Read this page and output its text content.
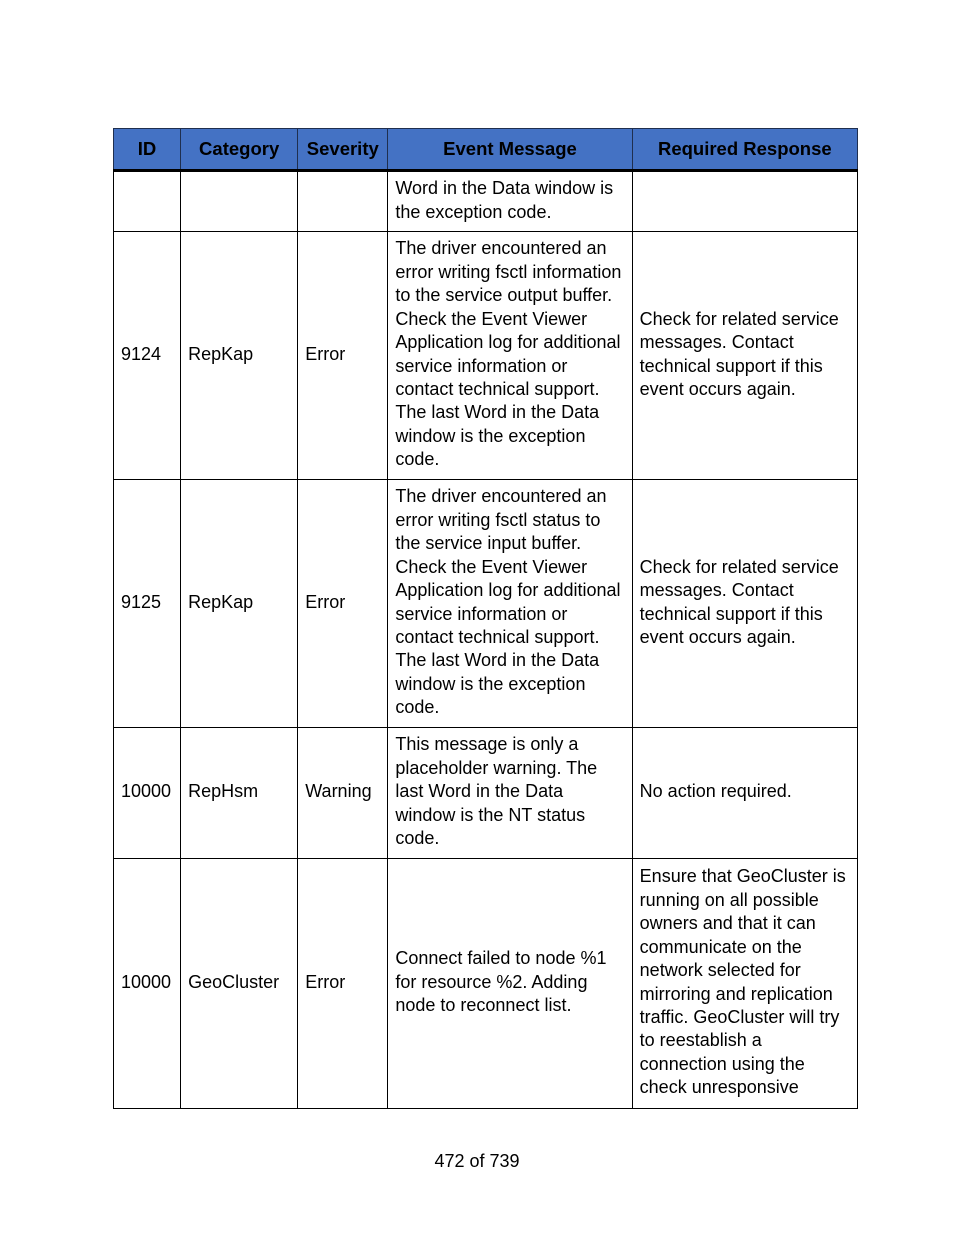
ID	Category	Severity	Event Message	Required Response
			Word in the Data window is the exception code.	
9124	RepKap	Error	The driver encountered an error writing fsctl information to the service output buffer. Check the Event Viewer Application log for additional service information or contact technical support. The last Word in the Data window is the exception code.	Check for related service messages. Contact technical support if this event occurs again.
9125	RepKap	Error	The driver encountered an error writing fsctl status to the service input buffer. Check the Event Viewer Application log for additional service information or contact technical support. The last Word in the Data window is the exception code.	Check for related service messages. Contact technical support if this event occurs again.
10000	RepHsm	Warning	This message is only a placeholder warning. The last Word in the Data window is the NT status code.	No action required.
10000	GeoCluster	Error	Connect failed to node %1 for resource %2. Adding node to reconnect list.	Ensure that GeoCluster is running on all possible owners and that it can communicate on the network selected for mirroring and replication traffic. GeoCluster will try to reestablish a connection using the check unresponsive
472 of 739
